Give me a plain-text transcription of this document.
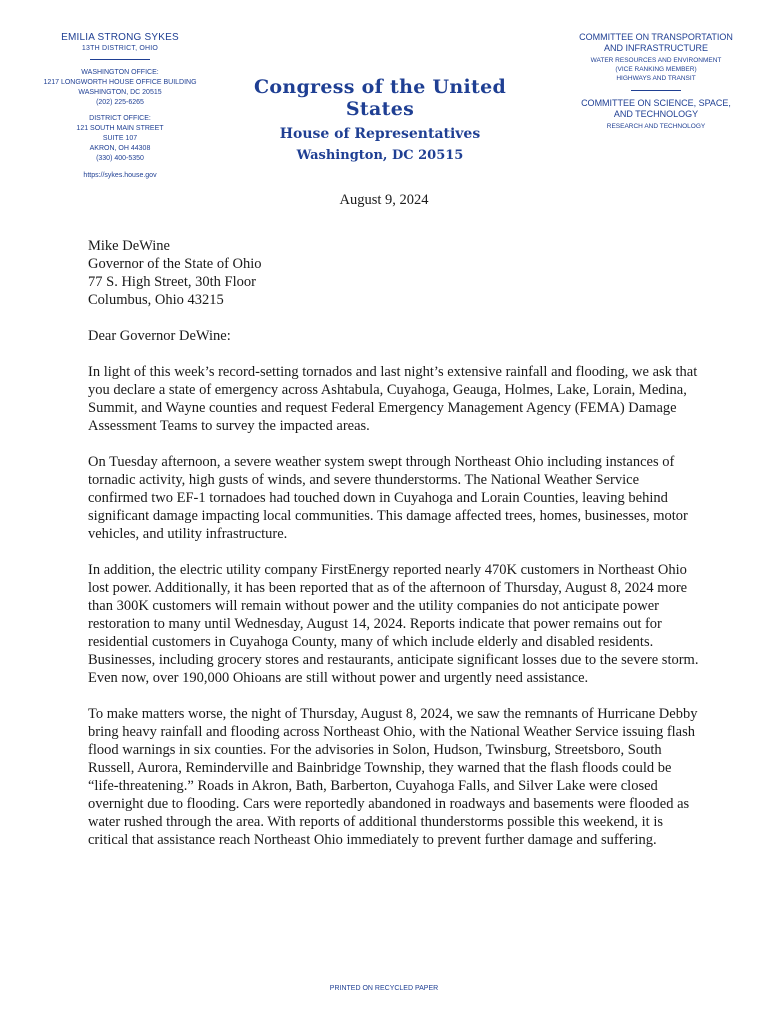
EMILIA STRONG SYKES
13TH DISTRICT, OHIO
WASHINGTON OFFICE:
1217 LONGWORTH HOUSE OFFICE BUILDING
WASHINGTON, DC 20515
(202) 225-6265
DISTRICT OFFICE:
121 SOUTH MAIN STREET
SUITE 107
AKRON, OH 44308
(330) 400-5350
https://sykes.house.gov
Congress of the United States
House of Representatives
Washington, DC 20515
COMMITTEE ON TRANSPORTATION
AND INFRASTRUCTURE
WATER RESOURCES AND ENVIRONMENT
(VICE RANKING MEMBER)
HIGHWAYS AND TRANSIT
COMMITTEE ON SCIENCE, SPACE,
AND TECHNOLOGY
RESEARCH AND TECHNOLOGY
August 9, 2024
Mike DeWine
Governor of the State of Ohio
77 S. High Street, 30th Floor
Columbus, Ohio 43215

Dear Governor DeWine:

In light of this week’s record-setting tornados and last night’s extensive rainfall and flooding, we ask that you declare a state of emergency across Ashtabula, Cuyahoga, Geauga, Holmes, Lake, Lorain, Medina, Summit, and Wayne counties and request Federal Emergency Management Agency (FEMA) Damage Assessment Teams to survey the impacted areas.

On Tuesday afternoon, a severe weather system swept through Northeast Ohio including instances of tornadic activity, high gusts of winds, and severe thunderstorms. The National Weather Service confirmed two EF-1 tornadoes had touched down in Cuyahoga and Lorain Counties, leaving behind significant damage impacting local communities. This damage affected trees, homes, businesses, motor vehicles, and utility infrastructure.

In addition, the electric utility company FirstEnergy reported nearly 470K customers in Northeast Ohio lost power. Additionally, it has been reported that as of the afternoon of Thursday, August 8, 2024 more than 300K customers will remain without power and the utility companies do not anticipate power restoration to many until Wednesday, August 14, 2024. Reports indicate that power remains out for residential customers in Cuyahoga County, many of which include elderly and disabled residents. Businesses, including grocery stores and restaurants, anticipate significant losses due to the severe storm. Even now, over 190,000 Ohioans are still without power and urgently need assistance.

To make matters worse, the night of Thursday, August 8, 2024, we saw the remnants of Hurricane Debby bring heavy rainfall and flooding across Northeast Ohio, with the National Weather Service issuing flash flood warnings in six counties. For the advisories in Solon, Hudson, Twinsburg, Streetsboro, South Russell, Aurora, Reminderville and Bainbridge Township, they warned that the flash floods could be “life-threatening.” Roads in Akron, Bath, Barberton, Cuyahoga Falls, and Silver Lake were closed overnight due to flooding. Cars were reportedly abandoned in roadways and basements were flooded as water rushed through the area. With reports of additional thunderstorms possible this weekend, it is critical that assistance reach Northeast Ohio immediately to prevent further damage and suffering.

PRINTED ON RECYCLED PAPER
